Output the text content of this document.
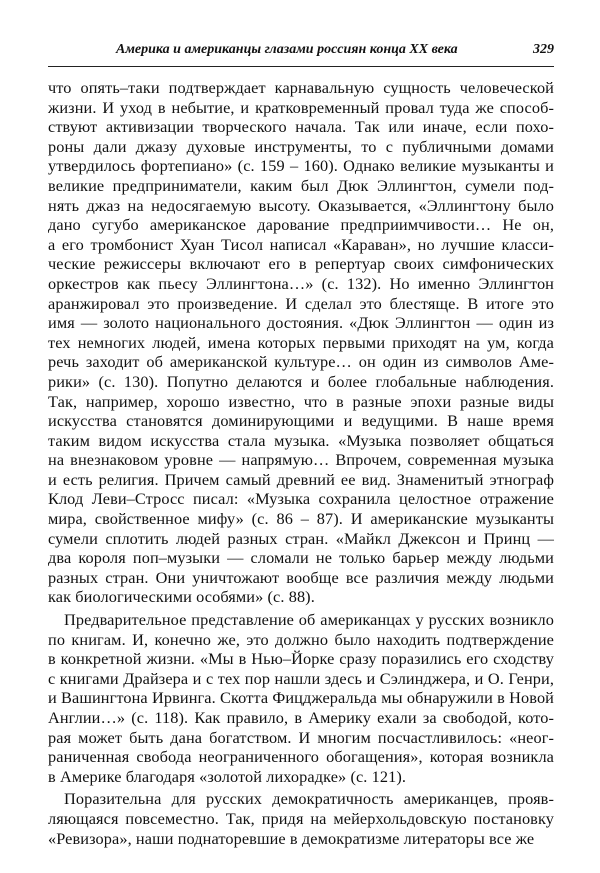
Америка и американцы глазами россиян конца XX века	329
что опять–таки подтверждает карнавальную сущность человеческой
жизни. И уход в небытие, и кратковременный провал туда же способ-
ствуют активизации творческого начала. Так или иначе, если похо-
роны дали джазу духовые инструменты, то с публичными домами
утвердилось фортепиано» (с. 159 – 160). Однако великие музыканты и
великие предприниматели, каким был Дюк Эллингтон, сумели под-
нять джаз на недосягаемую высоту. Оказывается, «Эллингтону было
дано сугубо американское дарование предприимчивости… Не он,
а его тромбонист Хуан Тисол написал «Караван», но лучшие класси-
ческие режиссеры включают его в репертуар своих симфонических
оркестров как пьесу Эллингтона…» (с. 132). Но именно Эллингтон
аранжировал это произведение. И сделал это блестяще. В итоге это
имя — золото национального достояния. «Дюк Эллингтон — один из
тех немногих людей, имена которых первыми приходят на ум, когда
речь заходит об американской культуре… он один из символов Аме-
рики» (с. 130). Попутно делаются и более глобальные наблюдения.
Так, например, хорошо известно, что в разные эпохи разные виды
искусства становятся доминирующими и ведущими. В наше время
таким видом искусства стала музыка. «Музыка позволяет общаться
на внезнаковом уровне — напрямую… Впрочем, современная музыка
и есть религия. Причем самый древний ее вид. Знаменитый этнограф
Клод Леви–Стросс писал: «Музыка сохранила целостное отражение
мира, свойственное мифу» (с. 86 – 87). И американские музыканты
сумели сплотить людей разных стран. «Майкл Джексон и Принц —
два короля поп–музыки — сломали не только барьер между людьми
разных стран. Они уничтожают вообще все различия между людьми
как биологическими особями» (с. 88).
Предварительное представление об американцах у русских возникло
по книгам. И, конечно же, это должно было находить подтверждение
в конкретной жизни. «Мы в Нью–Йорке сразу поразились его сходству
с книгами Драйзера и с тех пор нашли здесь и Сэлинджера, и О. Генри,
и Вашингтона Ирвинга. Скотта Фицджеральда мы обнаружили в Новой
Англии…» (с. 118). Как правило, в Америку ехали за свободой, кото-
рая может быть дана богатством. И многим посчастливилось: «неог-
раниченная свобода неограниченного обогащения», которая возникла
в Америке благодаря «золотой лихорадке» (с. 121).
Поразительна для русских демократичность американцев, прояв-
ляющаяся повсеместно. Так, придя на мейерхольдовскую постановку
«Ревизора», наши поднаторевшие в демократизме литераторы все же
